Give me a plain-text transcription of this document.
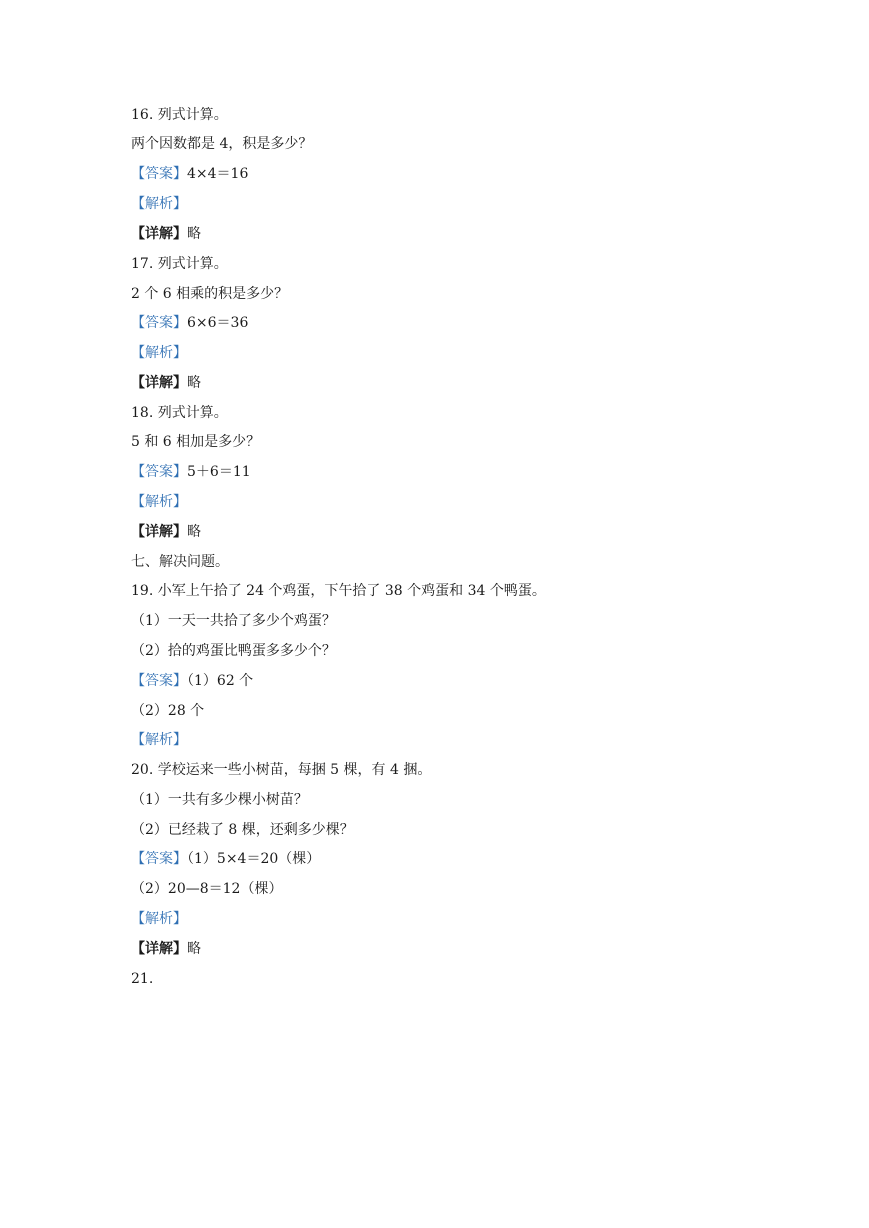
16. 列式计算。
两个因数都是 4，积是多少？
【答案】4×4＝16
【解析】
【详解】略
17. 列式计算。
2 个 6 相乘的积是多少？
【答案】6×6＝36
【解析】
【详解】略
18. 列式计算。
5 和 6 相加是多少？
【答案】5＋6＝11
【解析】
【详解】略
七、解决问题。
19. 小军上午拾了 24 个鸡蛋，下午拾了 38 个鸡蛋和 34 个鸭蛋。
（1）一天一共拾了多少个鸡蛋？
（2）拾的鸡蛋比鸭蛋多多少个？
【答案】（1）62 个
（2）28 个
【解析】
20. 学校运来一些小树苗，每捆 5 棵，有 4 捆。
（1）一共有多少棵小树苗？
（2）已经栽了 8 棵，还剩多少棵？
【答案】（1）5×4＝20（棵）
（2）20—8＝12（棵）
【解析】
【详解】略
21.
